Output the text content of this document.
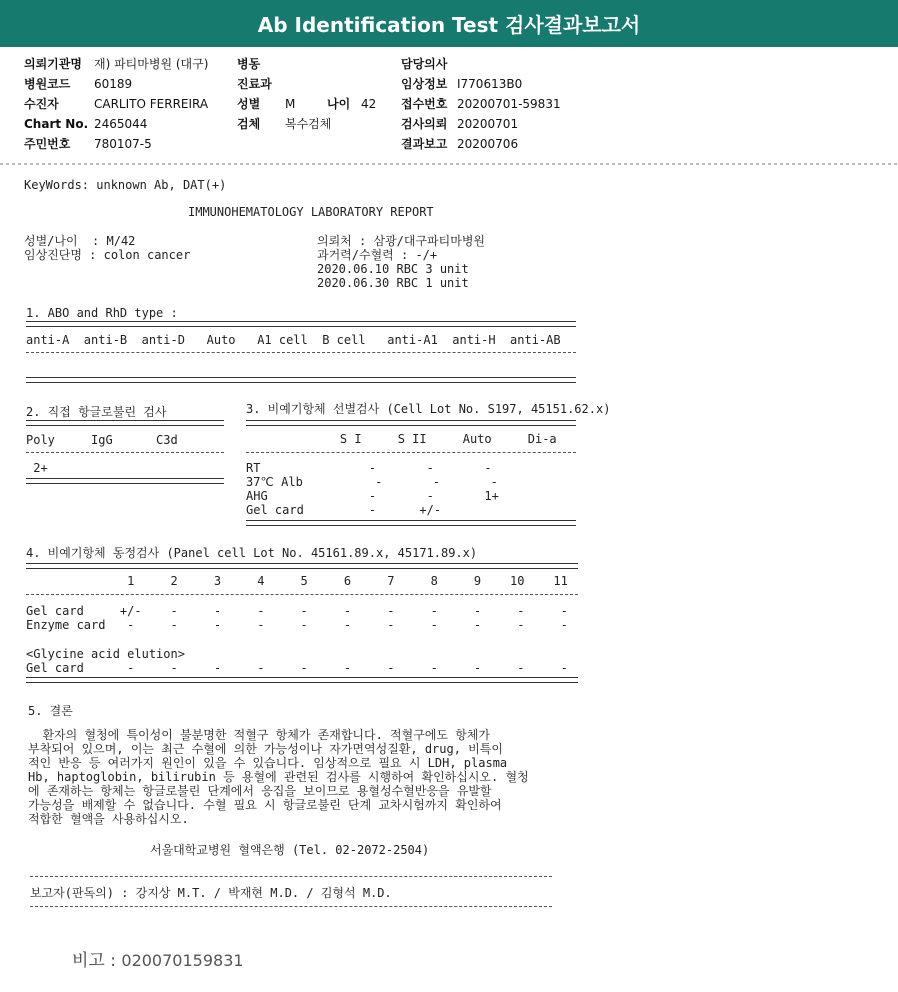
Ab Identification Test 검사결과보고서
의뢰기관명 재) 파티마병원 (대구)
병원코드 60189
수진자	CARLITO FERREIRA
Chart No. 2465044
주민번호 780107-5
병동
진료과
성별 M	나이 42
검체 복수검체
담당의사
임상정보 I770613B0
접수번호 20200701-59831
검사의뢰 20200701
결과보고 20200706
KeyWords: unknown Ab, DAT(+)
IMMUNOHEMATOLOGY LABORATORY REPORT
성별/나이  : M/42
임상진단명 : colon cancer
의뢰처 : 삼광/대구파티마병원
과거력/수혈력 : -/+
2020.06.10 RBC 3 unit
2020.06.30 RBC 1 unit
1. ABO and RhD type :
anti-A  anti-B  anti-D   Auto   A1 cell  B cell   anti-A1  anti-H  anti-AB
2. 직접 항글로불린 검사
Poly     IgG      C3d
2+
3. 비예기항체 선별검사 (Cell Lot No. S197, 45151.62.x)
S I     S II     Auto     Di-a
RT               -       -       -
37℃ Alb          -       -       -
AHG              -       -       1+
Gel card         -      +/-
4. 비예기항체 동정검사 (Panel cell Lot No. 45161.89.x, 45171.89.x)
1     2     3     4     5     6     7     8     9    10    11
Gel card     +/-    -     -     -     -     -     -     -     -     -     -
Enzyme card   -     -     -     -     -     -     -     -     -     -     -
<Glycine acid elution>
Gel card      -     -     -     -     -     -     -     -     -     -     -
5. 결론
환자의 혈청에 특이성이 불분명한 적혈구 항체가 존재합니다. 적혈구에도 항체가
부착되어 있으며, 이는 최근 수혈에 의한 가능성이나 자가면역성질환, drug, 비특이
적인 반응 등 여러가지 원인이 있을 수 있습니다. 임상적으로 필요 시 LDH, plasma
Hb, haptoglobin, bilirubin 등 용혈에 관련된 검사를 시행하여 확인하십시오. 혈청
에 존재하는 항체는 항글로불린 단계에서 응집을 보이므로 용혈성수혈반응을 유발할
가능성을 배제할 수 없습니다. 수혈 필요 시 항글로불린 단계 교차시험까지 확인하여
적합한 혈액을 사용하십시오.
서울대학교병원 혈액은행 (Tel. 02-2072-2504)
보고자(판독의) : 강지상 M.T. / 박재현 M.D. / 김형석 M.D.
비고 : 020070159831
